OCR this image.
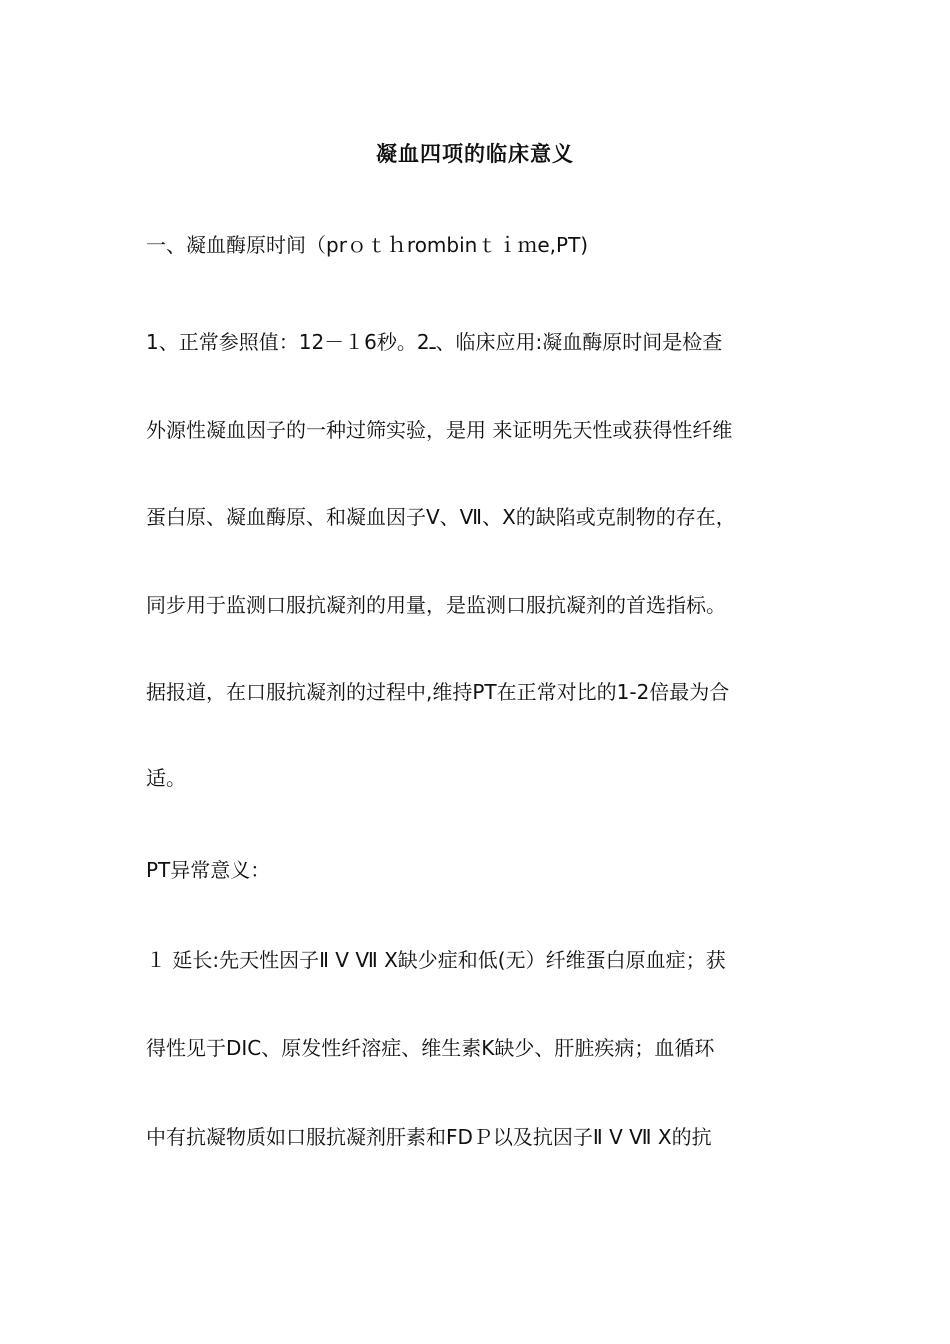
凝血四项的临床意义
一、凝血酶原时间（prｏｔｈrombinｔｉｍe,PT)
1、正常参照值：12－１6秒。2ـ、临床应用:凝血酶原时间是检查
外源性凝血因子的一种过筛实验，是用 来证明先天性或获得性纤维
蛋白原、凝血酶原、和凝血因子Ⅴ、Ⅶ、Ⅹ的缺陷或克制物的存在，
同步用于监测口服抗凝剂的用量，是监测口服抗凝剂的首选指标。
据报道，在口服抗凝剂的过程中,维持PT在正常对比的1-2倍最为合
适。
PT异常意义：
１ 延长:先天性因子Ⅱ Ⅴ Ⅶ Ⅹ缺少症和低(无）纤维蛋白原血症；获
得性见于DIC、原发性纤溶症、维生素K缺少、肝脏疾病；血循环
中有抗凝物质如口服抗凝剂肝素和FDＰ以及抗因子Ⅱ Ⅴ Ⅶ Ⅹ的抗
